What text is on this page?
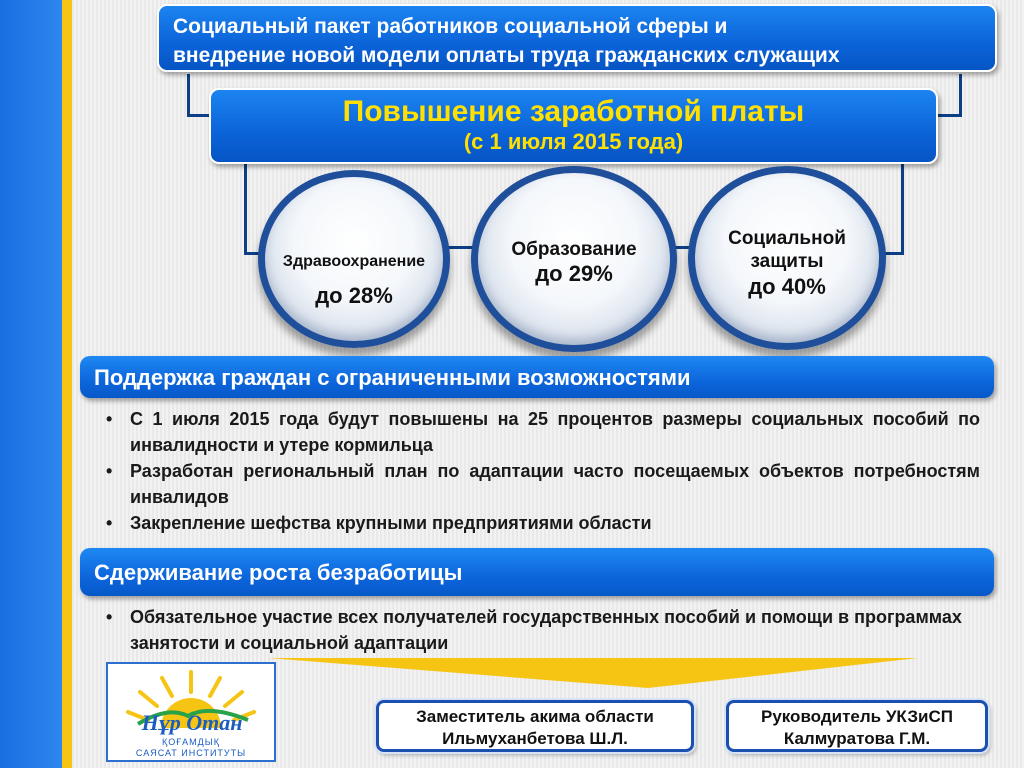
Социальный пакет работников социальной сферы и
внедрение новой модели оплаты труда гражданских служащих
Повышение заработной платы
(с 1 июля 2015 года)
Здравоохранение
до 28%
Образование
до 29%
Социальной
защиты
до 40%
Поддержка граждан с ограниченными возможностями
• С 1 июля 2015 года будут повышены на 25 процентов размеры социальных пособий по инвалидности и утере кормильца
• Разработан региональный план по адаптации часто посещаемых объектов потребностям инвалидов
• Закрепление шефства крупными предприятиями области
Сдерживание роста безработицы
• Обязательное участие всех получателей государственных пособий и помощи в программах занятости и социальной адаптации
Нұр Отан
ҚОҒАМДЫҚ
САЯСАТ ИНСТИТУТЫ
Заместитель акима области
Ильмуханбетова Ш.Л.
Руководитель УКЗиСП
Калмуратова Г.М.
